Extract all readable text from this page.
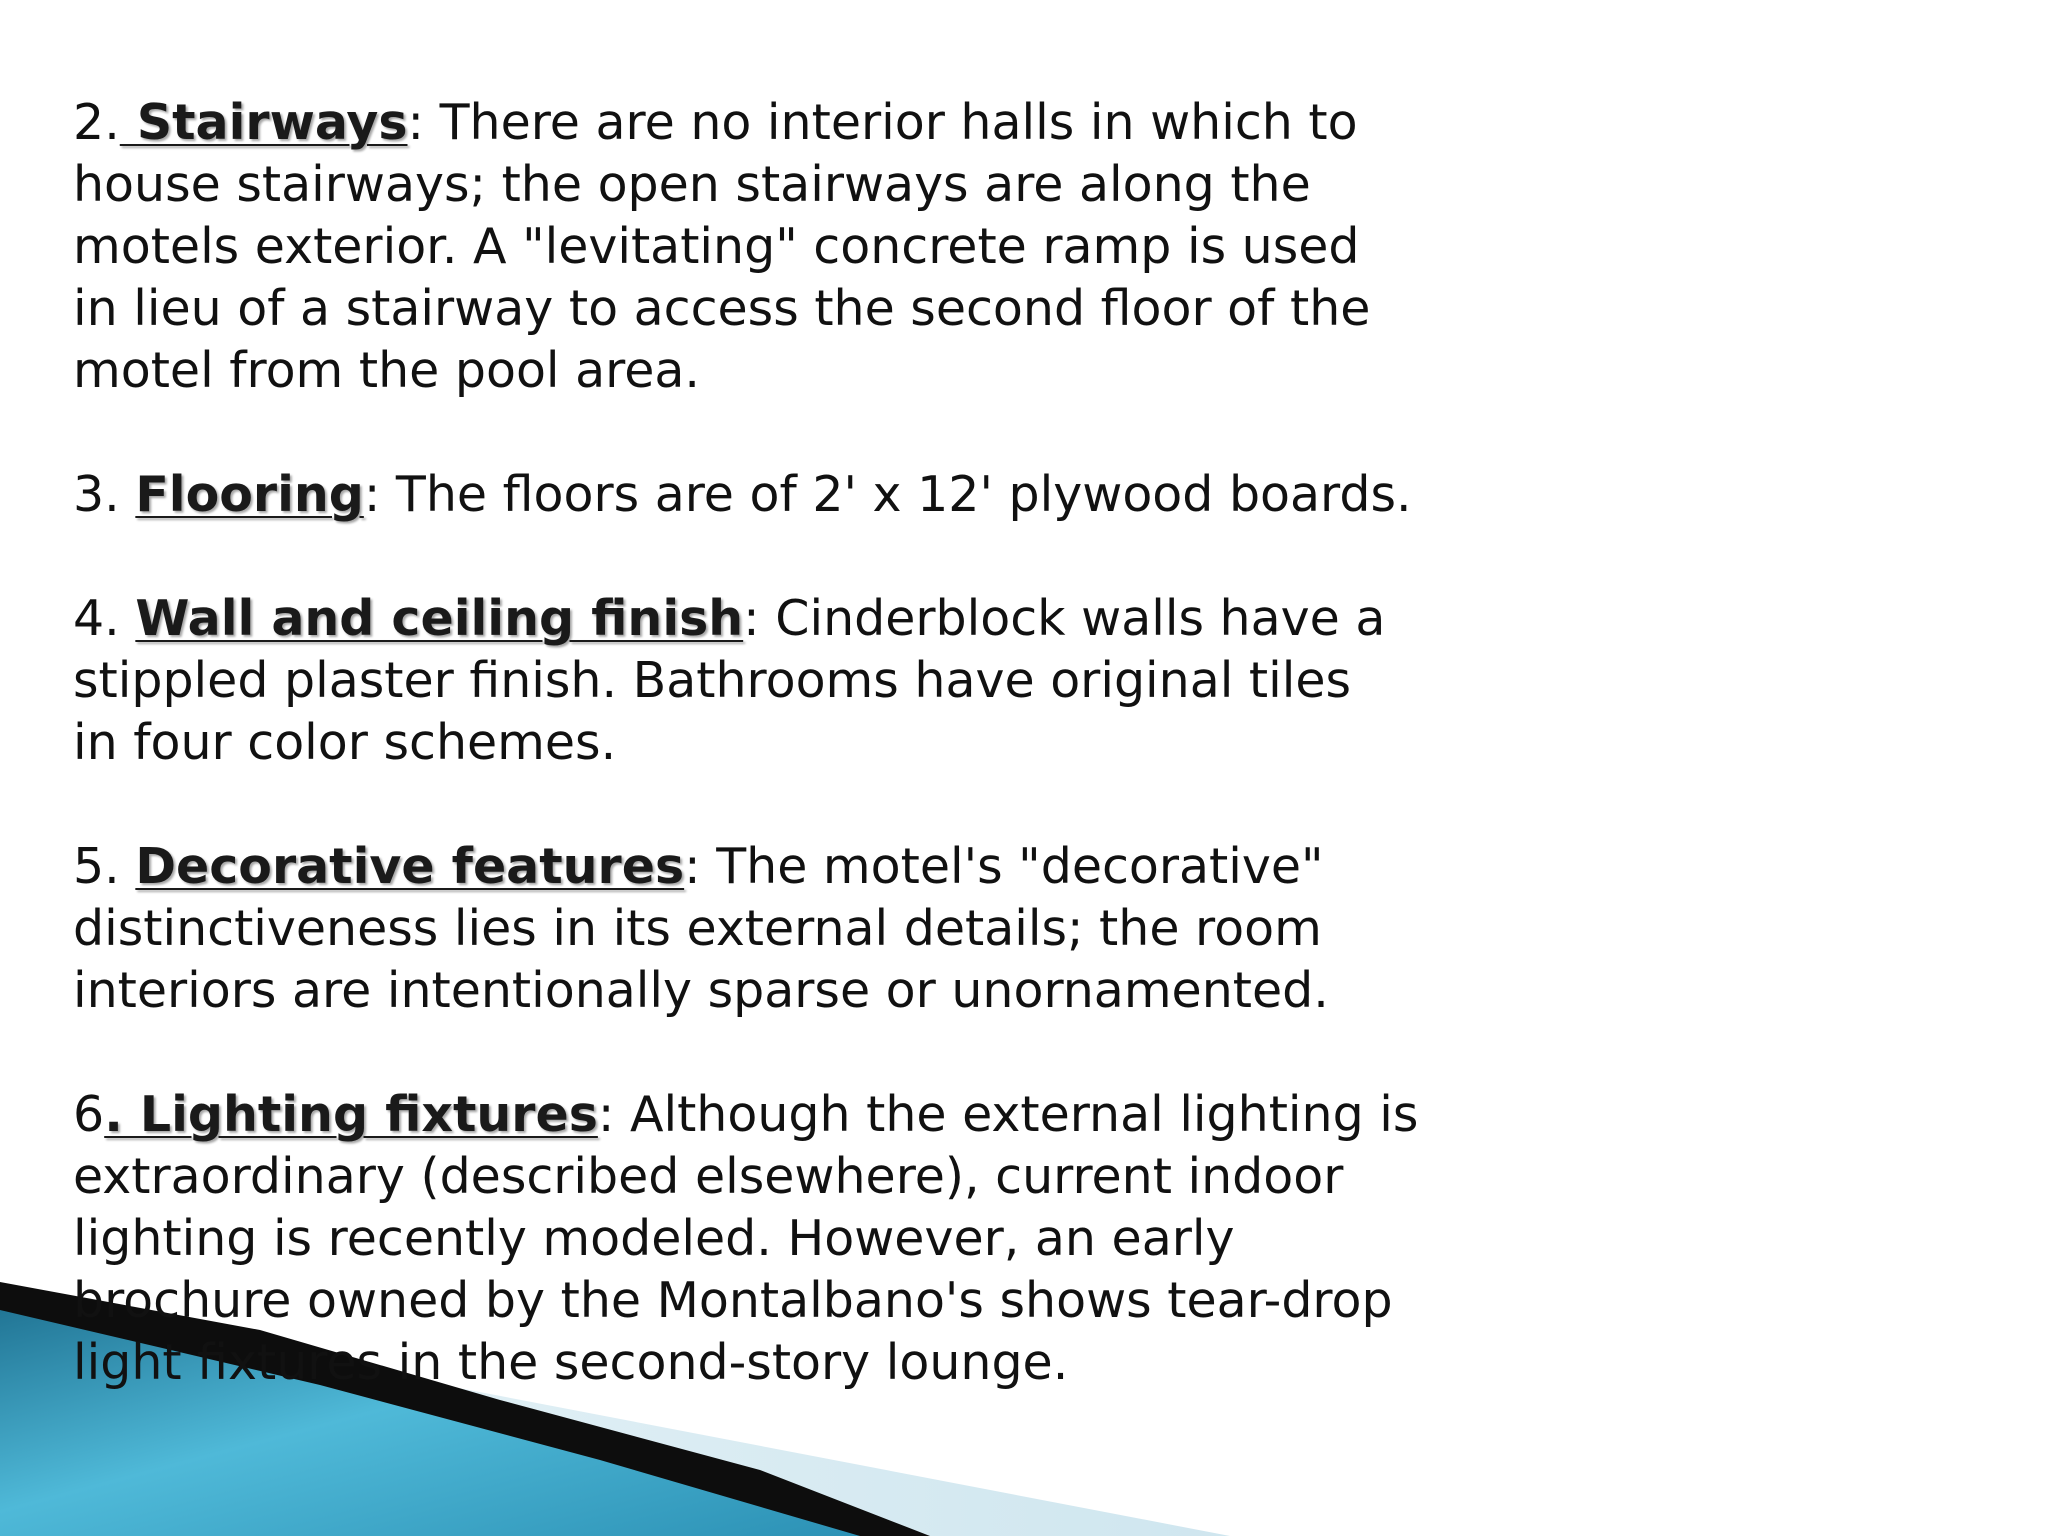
2. Stairways: There are no interior halls in which to
house stairways; the open stairways are along the
motels exterior. A "levitating" concrete ramp is used
in lieu of a stairway to access the second floor of the
motel from the pool area.
3. Flooring: The floors are of 2' x 12' plywood boards.
4. Wall and ceiling finish: Cinderblock walls have a
stippled plaster finish. Bathrooms have original tiles
in four color schemes.
5. Decorative features: The motel's "decorative"
distinctiveness lies in its external details; the room
interiors are intentionally sparse or unornamented.
6. Lighting fixtures: Although the external lighting is
extraordinary (described elsewhere), current indoor
lighting is recently modeled. However, an early
brochure owned by the Montalbano's shows tear-drop
light fixtures in the second-story lounge.
